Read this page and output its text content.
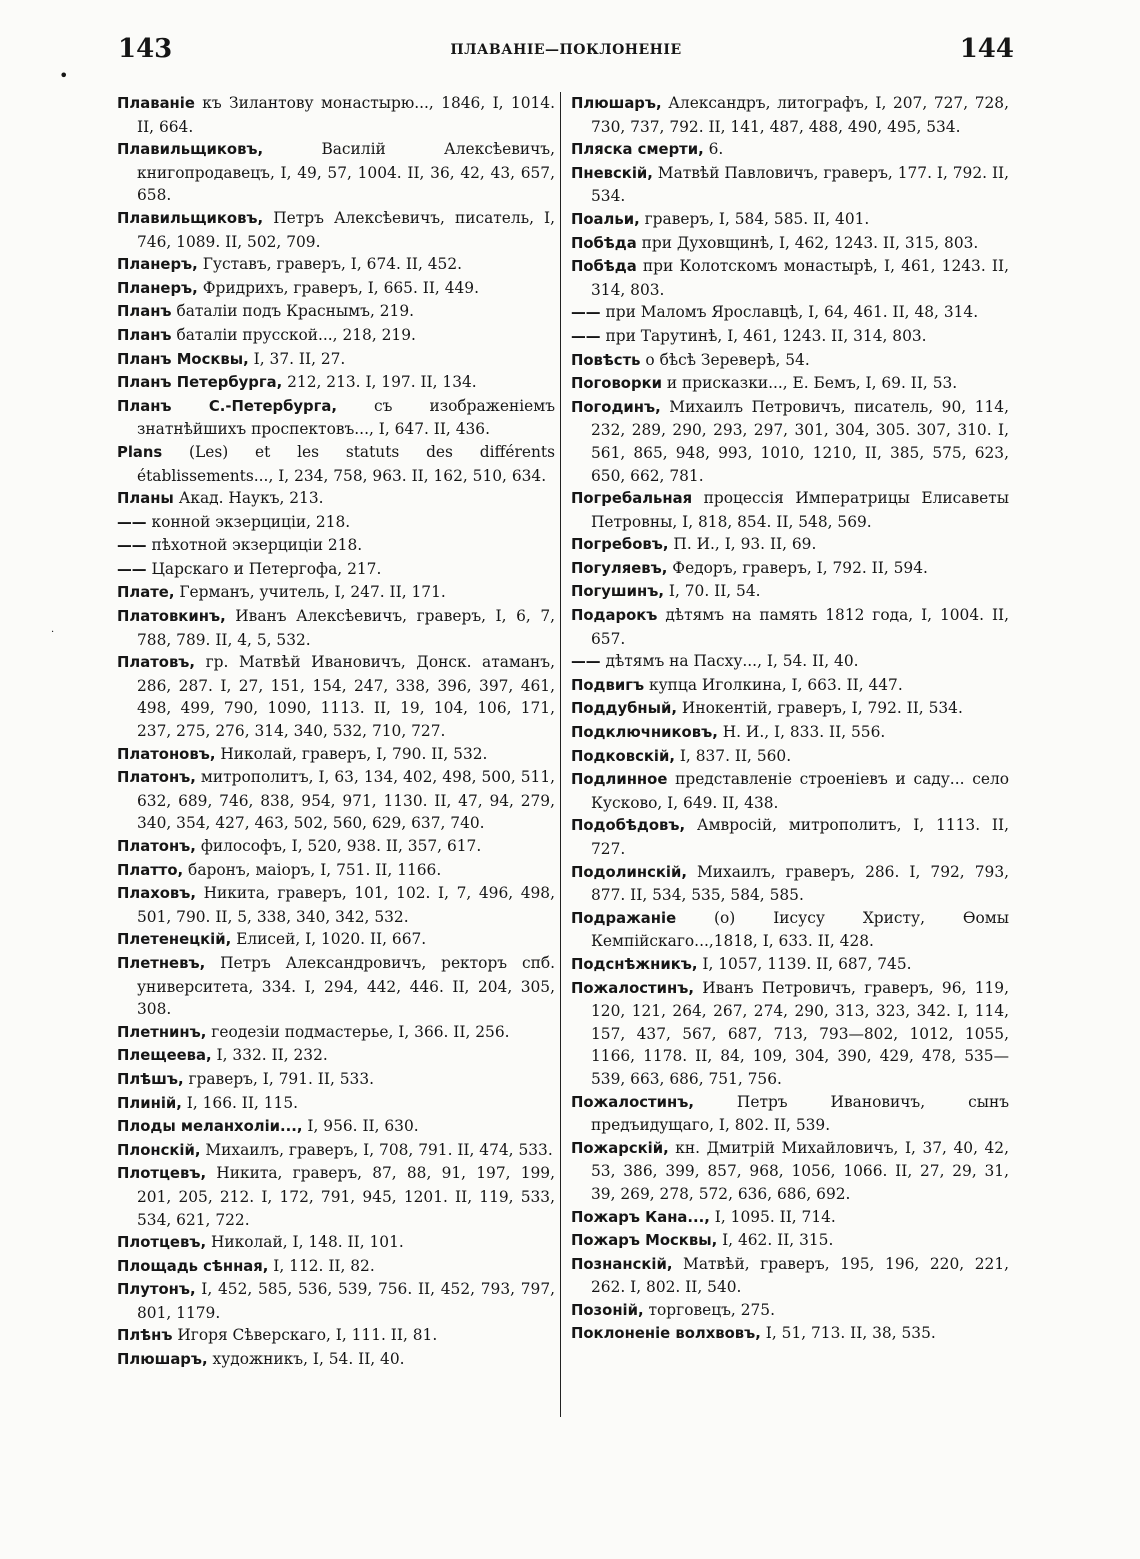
143	ПЛАВАНІЕ—ПОКЛОНЕНІЕ	144
•
·

Плаваніе къ Зилантову монастырю..., 1846, I, 1014. II, 664.

Плавильщиковъ, Василій Алексѣевичъ, книгопродавецъ, I, 49, 57, 1004. II, 36, 42, 43, 657, 658.

Плавильщиковъ, Петръ Алексѣевичъ, писатель, I, 746, 1089. II, 502, 709.

Планеръ, Густавъ, граверъ, I, 674. II, 452.

Планеръ, Фридрихъ, граверъ, I, 665. II, 449.

Планъ баталіи подъ Краснымъ, 219.

Планъ баталіи прусской..., 218, 219.

Планъ Москвы, I, 37. II, 27.

Планъ Петербурга, 212, 213. I, 197. II, 134.

Планъ С.-Петербурга, съ изображеніемъ знатнѣйшихъ проспектовъ..., I, 647. II, 436.

Plans (Les) et les statuts des différents établissements..., I, 234, 758, 963. II, 162, 510, 634.

Планы Акад. Наукъ, 213.

—— конной экзерциціи, 218.

—— пѣхотной экзерциціи 218.

—— Царскаго и Петергофа, 217.

Плате, Германъ, учитель, I, 247. II, 171.

Платовкинъ, Иванъ Алексѣевичъ, граверъ, I, 6, 7, 788, 789. II, 4, 5, 532.

Платовъ, гр. Матвѣй Ивановичъ, Донск. атаманъ, 286, 287. I, 27, 151, 154, 247, 338, 396, 397, 461, 498, 499, 790, 1090, 1113. II, 19, 104, 106, 171, 237, 275, 276, 314, 340, 532, 710, 727.

Платоновъ, Николай, граверъ, I, 790. II, 532.

Платонъ, митрополитъ, I, 63, 134, 402, 498, 500, 511, 632, 689, 746, 838, 954, 971, 1130. II, 47, 94, 279, 340, 354, 427, 463, 502, 560, 629, 637, 740.

Платонъ, философъ, I, 520, 938. II, 357, 617.

Платто, баронъ, маіоръ, I, 751. II, 1166.

Плаховъ, Никита, граверъ, 101, 102. I, 7, 496, 498, 501, 790. II, 5, 338, 340, 342, 532.

Плетенецкій, Елисей, I, 1020. II, 667.

Плетневъ, Петръ Александровичъ, ректоръ спб. университета, 334. I, 294, 442, 446. II, 204, 305, 308.

Плетнинъ, геодезіи подмастерье, I, 366. II, 256.

Плещеева, I, 332. II, 232.

Плѣшъ, граверъ, I, 791. II, 533.

Плиній, I, 166. II, 115.

Плоды меланхоліи..., I, 956. II, 630.

Плонскій, Михаилъ, граверъ, I, 708, 791. II, 474, 533.

Плотцевъ, Никита, граверъ, 87, 88, 91, 197, 199, 201, 205, 212. I, 172, 791, 945, 1201. II, 119, 533, 534, 621, 722.

Плотцевъ, Николай, I, 148. II, 101.

Площадь сѣнная, I, 112. II, 82.

Плутонъ, I, 452, 585, 536, 539, 756. II, 452, 793, 797, 801, 1179.

Плѣнъ Игоря Сѣверскаго, I, 111. II, 81.

Плюшаръ, художникъ, I, 54. II, 40.

Плюшаръ, Александръ, литографъ, I, 207, 727, 728, 730, 737, 792. II, 141, 487, 488, 490, 495, 534.

Пляска смерти, 6.

Пневскій, Матвѣй Павловичъ, граверъ, 177. I, 792. II, 534.

Поальи, граверъ, I, 584, 585. II, 401.

Побѣда при Духовщинѣ, I, 462, 1243. II, 315, 803.

Побѣда при Колотскомъ монастырѣ, I, 461, 1243. II, 314, 803.

—— при Маломъ Ярославцѣ, I, 64, 461. II, 48, 314.

—— при Тарутинѣ, I, 461, 1243. II, 314, 803.

Повѣсть о бѣсѣ Зереверѣ, 54.

Поговорки и присказки..., Е. Бемъ, I, 69. II, 53.

Погодинъ, Михаилъ Петровичъ, писатель, 90, 114, 232, 289, 290, 293, 297, 301, 304, 305. 307, 310. I, 561, 865, 948, 993, 1010, 1210, II, 385, 575, 623, 650, 662, 781.

Погребальная процессія Императрицы Елисаветы Петровны, I, 818, 854. II, 548, 569.

Погребовъ, П. И., I, 93. II, 69.

Погуляевъ, Федоръ, граверъ, I, 792. II, 594.

Погушинъ, I, 70. II, 54.

Подарокъ дѣтямъ на память 1812 года, I, 1004. II, 657.

—— дѣтямъ на Пасху..., I, 54. II, 40.

Подвигъ купца Иголкина, I, 663. II, 447.

Поддубный, Инокентій, граверъ, I, 792. II, 534.

Подключниковъ, Н. И., I, 833. II, 556.

Подковскій, I, 837. II, 560.

Подлинное представленіе строеніевъ и саду... село Кусково, I, 649. II, 438.

Подобѣдовъ, Амвросій, митрополитъ, I, 1113. II, 727.

Подолинскій, Михаилъ, граверъ, 286. I, 792, 793, 877. II, 534, 535, 584, 585.

Подражаніе (о) Іисусу Христу, Ѳомы Кемпійскаго...,1818, I, 633. II, 428.

Подснѣжникъ, I, 1057, 1139. II, 687, 745.

Пожалостинъ, Иванъ Петровичъ, граверъ, 96, 119, 120, 121, 264, 267, 274, 290, 313, 323, 342. I, 114, 157, 437, 567, 687, 713, 793—802, 1012, 1055, 1166, 1178. II, 84, 109, 304, 390, 429, 478, 535—539, 663, 686, 751, 756.

Пожалостинъ, Петръ Ивановичъ, сынъ предъидущаго, I, 802. II, 539.

Пожарскій, кн. Дмитрій Михайловичъ, I, 37, 40, 42, 53, 386, 399, 857, 968, 1056, 1066. II, 27, 29, 31, 39, 269, 278, 572, 636, 686, 692.

Пожаръ Кана..., I, 1095. II, 714.

Пожаръ Москвы, I, 462. II, 315.

Познанскій, Матвѣй, граверъ, 195, 196, 220, 221, 262. I, 802. II, 540.

Позоній, торговецъ, 275.

Поклоненіе волхвовъ, I, 51, 713. II, 38, 535.
